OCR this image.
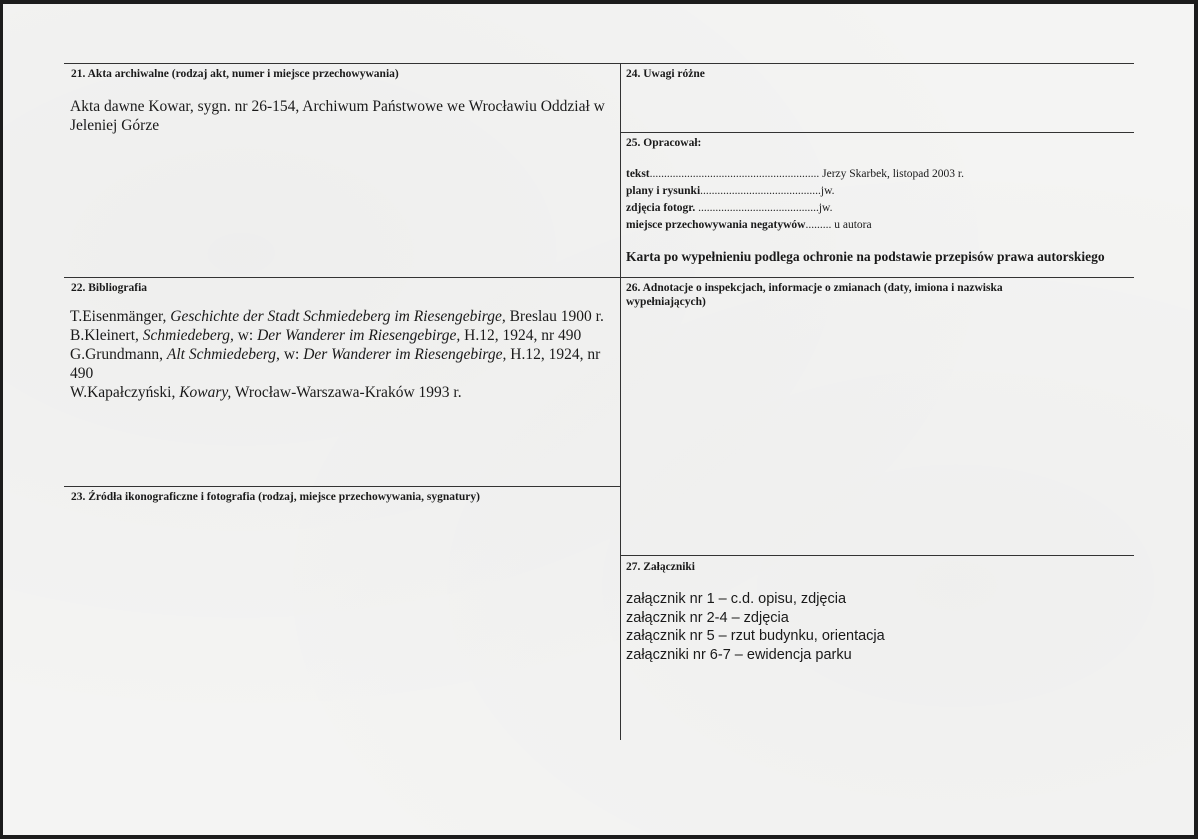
21. Akta archiwalne (rodzaj akt, numer i miejsce przechowywania)
Akta dawne Kowar, sygn. nr 26-154, Archiwum Państwowe we Wrocławiu Oddział w
Jeleniej Górze
22. Bibliografia
T.Eisenmänger, Geschichte der Stadt Schmiedeberg im Riesengebirge, Breslau 1900 r.
B.Kleinert, Schmiedeberg, w: Der Wanderer im Riesengebirge, H.12, 1924, nr 490
G.Grundmann, Alt Schmiedeberg, w: Der Wanderer im Riesengebirge, H.12, 1924, nr
490
W.Kapałczyński, Kowary, Wrocław-Warszawa-Kraków 1993 r.
23. Źródła ikonograficzne i fotografia (rodzaj, miejsce przechowywania, sygnatury)
24. Uwagi różne
25. Opracował:
tekst........................................................... Jerzy Skarbek, listopad 2003 r.
plany i rysunki..........................................jw.
zdjęcia fotogr. ..........................................jw.
miejsce przechowywania negatywów......... u autora
Karta po wypełnieniu podlega ochronie na podstawie przepisów prawa autorskiego
26. Adnotacje o inspekcjach, informacje o zmianach (daty, imiona i nazwiska
wypełniających)
27. Załączniki
załącznik nr 1 – c.d. opisu, zdjęcia
załącznik nr 2-4 – zdjęcia
załącznik nr 5 – rzut budynku, orientacja
załączniki nr 6-7 – ewidencja parku
